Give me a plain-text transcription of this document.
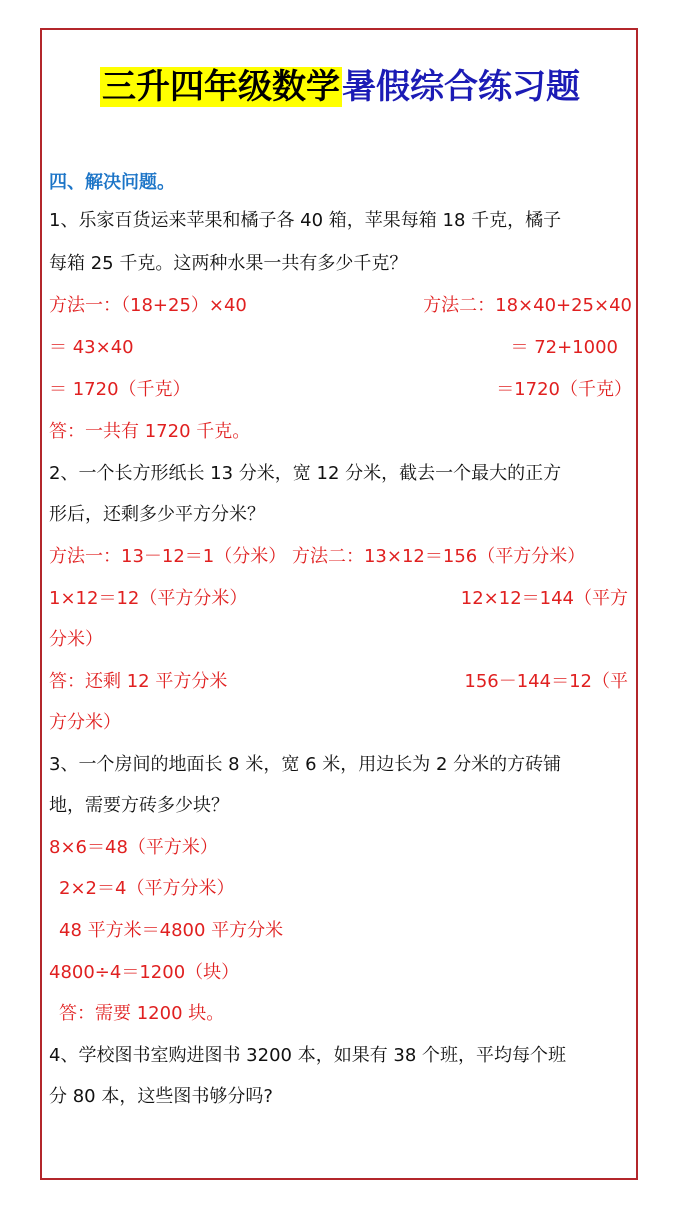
三升四年级数学暑假综合练习题
四、解决问题。
1、乐家百货运来苹果和橘子各 40 箱，苹果每箱 18 千克，橘子
每箱 25 千克。这两种水果一共有多少千克？
方法一：（18+25）×40	方法二：18×40+25×40
＝ 43×40	＝ 72+1000
＝ 1720（千克）	＝1720（千克）
答：一共有 1720 千克。
2、一个长方形纸长 13 分米，宽 12 分米，截去一个最大的正方
形后，还剩多少平方分米？
方法一：13－12＝1（分米） 方法二：13×12＝156（平方分米）
1×12＝12（平方分米）	12×12＝144（平方
分米）
答：还剩 12 平方分米	156－144＝12（平
方分米）
3、一个房间的地面长 8 米，宽 6 米，用边长为 2 分米的方砖铺
地，需要方砖多少块？
8×6＝48（平方米）
2×2＝4（平方分米）
48 平方米＝4800 平方分米
4800÷4＝1200（块）
答：需要 1200 块。
4、学校图书室购进图书 3200 本，如果有 38 个班，平均每个班
分 80 本，这些图书够分吗?
